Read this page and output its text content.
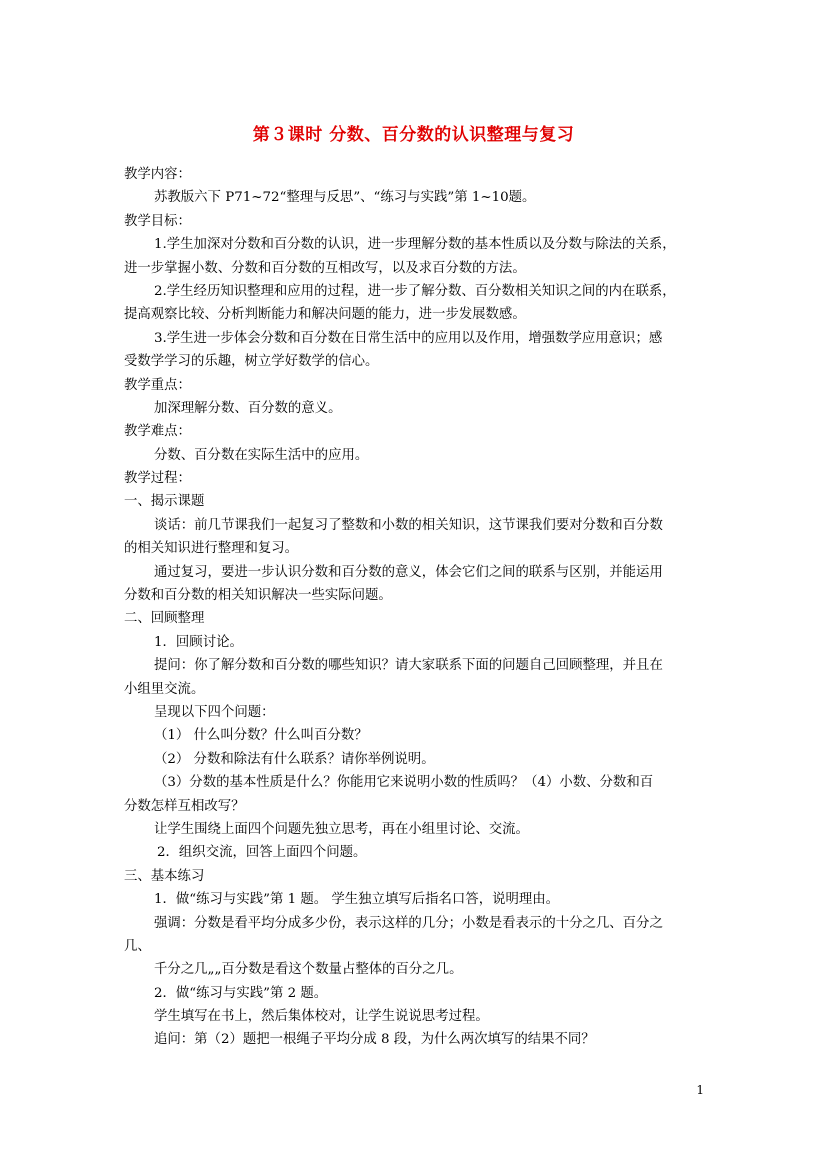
第３课时 分数、百分数的认识整理与复习
教学内容：
苏教版六下 P71~72“整理与反思”、“练习与实践”第 1~10题。
教学目标：
1.学生加深对分数和百分数的认识，进一步理解分数的基本性质以及分数与除法的关系，
进一步掌握小数、分数和百分数的互相改写，以及求百分数的方法。
2.学生经历知识整理和应用的过程，进一步了解分数、百分数相关知识之间的内在联系，
提高观察比较、分析判断能力和解决问题的能力，进一步发展数感。
3.学生进一步体会分数和百分数在日常生活中的应用以及作用，增强数学应用意识；感
受数学学习的乐趣，树立学好数学的信心。
教学重点：
加深理解分数、百分数的意义。
教学难点：
分数、百分数在实际生活中的应用。
教学过程：
一、揭示课题
谈话：前几节课我们一起复习了整数和小数的相关知识，这节课我们要对分数和百分数
的相关知识进行整理和复习。
通过复习，要进一步认识分数和百分数的意义，体会它们之间的联系与区别，并能运用
分数和百分数的相关知识解决一些实际问题。
二、回顾整理
1．回顾讨论。
提问：你了解分数和百分数的哪些知识？请大家联系下面的问题自己回顾整理，并且在
小组里交流。
呈现以下四个问题：
（1） 什么叫分数？什么叫百分数？
（2） 分数和除法有什么联系？请你举例说明。
（3）分数的基本性质是什么？你能用它来说明小数的性质吗？（4）小数、分数和百
分数怎样互相改写？
让学生围绕上面四个问题先独立思考，再在小组里讨论、交流。
2．组织交流，回答上面四个问题。
三、基本练习
1．做“练习与实践”第 1 题。 学生独立填写后指名口答，说明理由。
强调：分数是看平均分成多少份，表示这样的几分；小数是看表示的十分之几、百分之
几、
千分之几„„百分数是看这个数量占整体的百分之几。
2．做“练习与实践”第 2 题。
学生填写在书上，然后集体校对，让学生说说思考过程。
追问：第（2）题把一根绳子平均分成 8 段，为什么两次填写的结果不同？
1
